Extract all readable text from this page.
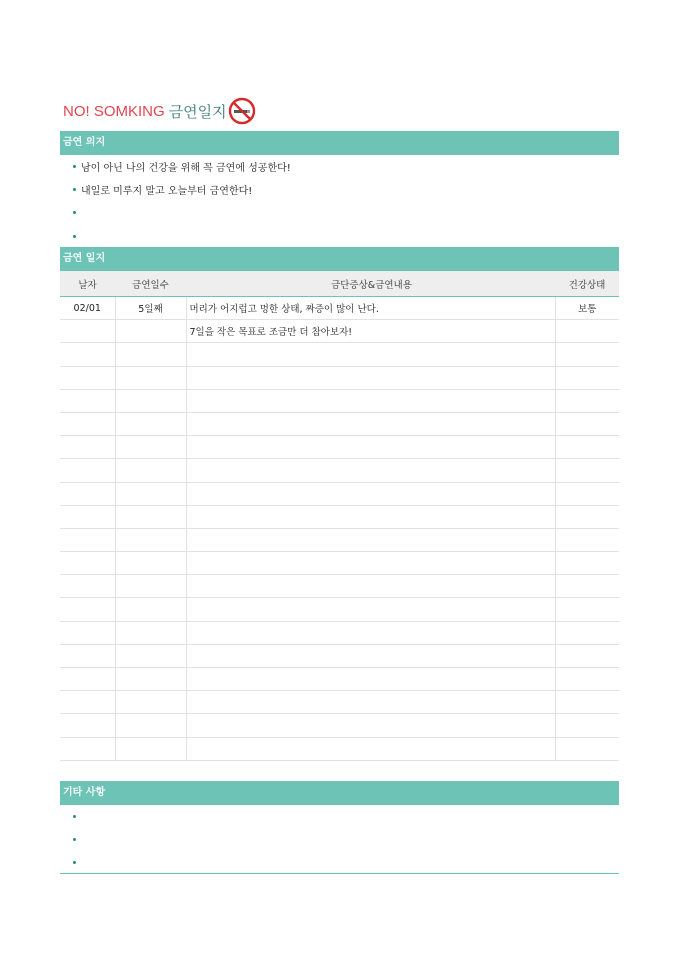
NO! SOMKING 금연일지
금연 의지
남이 아닌 나의 건강을 위해 꼭 금연에 성공한다!
내일로 미루지 말고 오늘부터 금연한다!
금연 일지
날자	금연일수	금단증상&금연내용	건강상태
02/01	5일째	머리가 어지럽고 멍한 상태, 짜증이 많이 난다.	보통
		7일을 작은 목표로 조금만 더 참아보자!	

기타 사항
